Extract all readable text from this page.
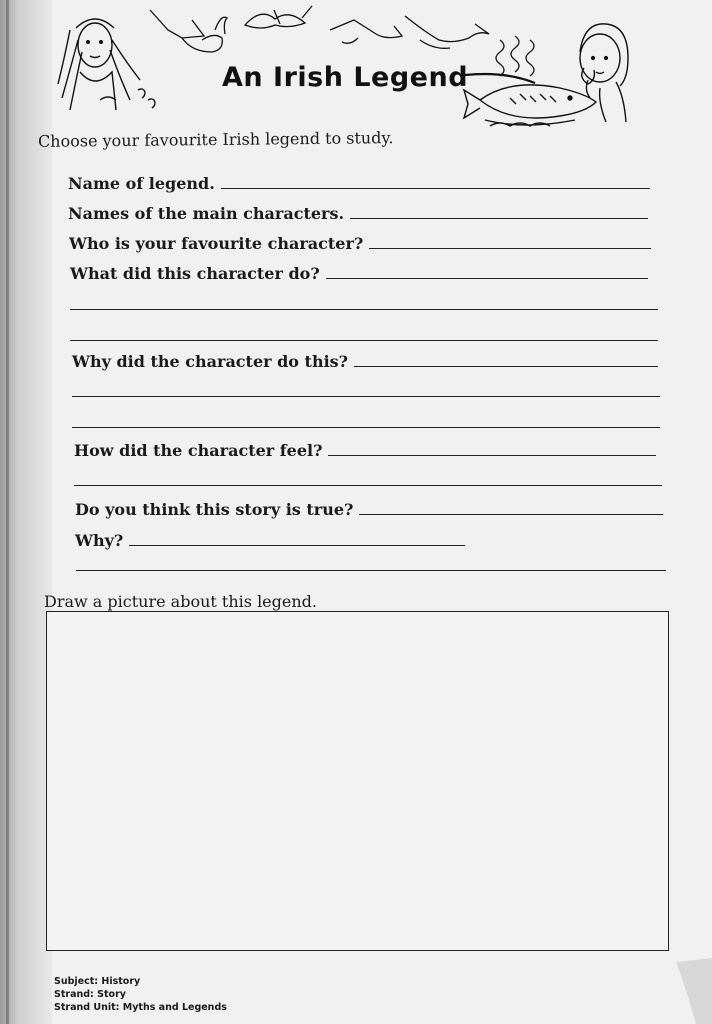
An Irish Legend
Choose your favourite Irish legend to study.
Name of legend.
Names of the main characters.
Who is your favourite character?
What did this character do?
Why did the character do this?
How did the character feel?
Do you think this story is true?
Why?
Draw a picture about this legend.
Subject: History
Strand: Story
Strand Unit: Myths and Legends
